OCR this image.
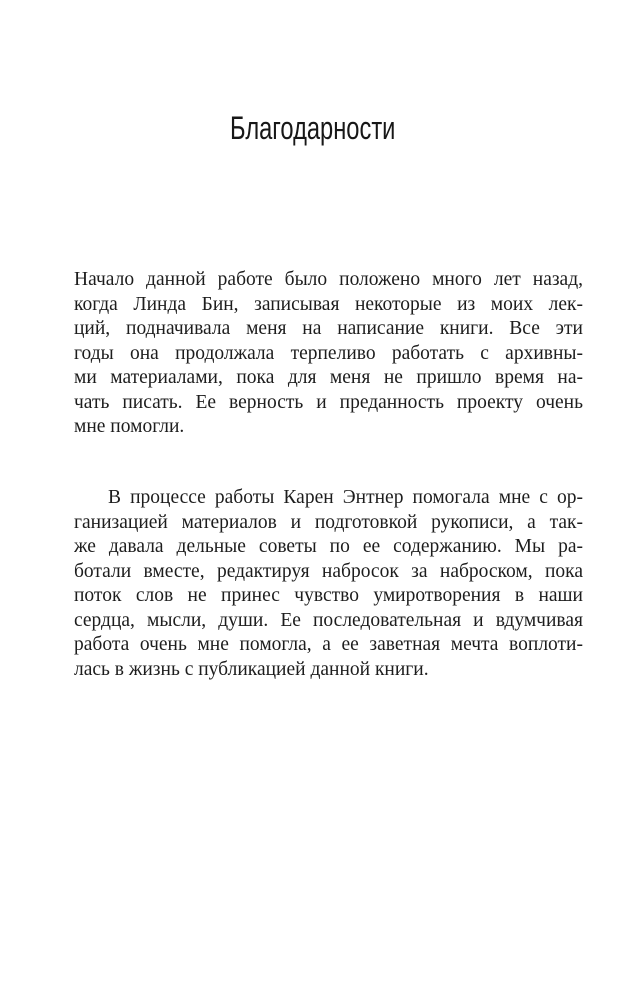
Благодарности
Начало данной работе было положено много лет назад,
когда Линда Бин, записывая некоторые из моих лек-
ций, подначивала меня на написание книги. Все эти
годы она продолжала терпеливо работать с архивны-
ми материалами, пока для меня не пришло время на-
чать писать. Ее верность и преданность проекту очень
мне помогли.
В процессе работы Карен Энтнер помогала мне с ор-
ганизацией материалов и подготовкой рукописи, а так-
же давала дельные советы по ее содержанию. Мы ра-
ботали вместе, редактируя набросок за наброском, пока
поток слов не принес чувство умиротворения в наши
сердца, мысли, души. Ее последовательная и вдумчивая
работа очень мне помогла, а ее заветная мечта воплоти-
лась в жизнь с публикацией данной книги.
